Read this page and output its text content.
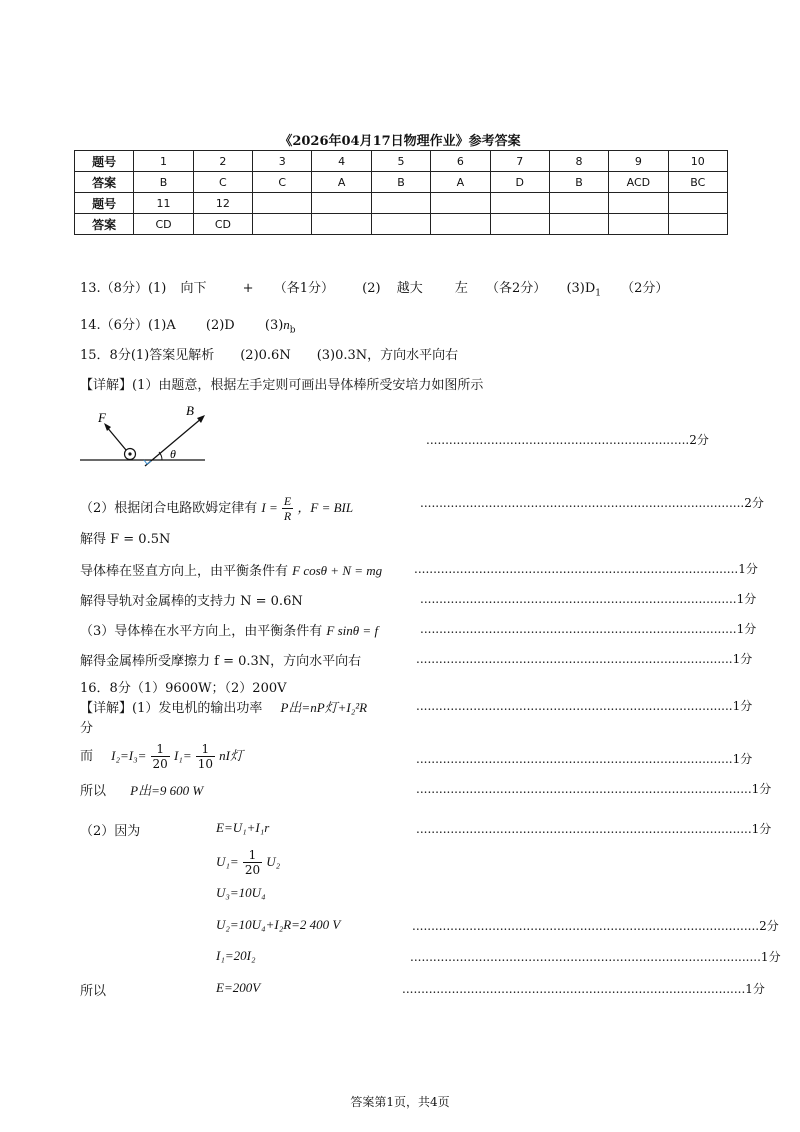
《2026年04月17日物理作业》参考答案
题号	1	2	3	4	5	6	7	8	9	10
答案	B	C	C	A	B	A	D	B	ACD	BC
题号	11	12								
答案	CD	CD								
13.（8分）(1) 向下	+ （各1分） (2) 越大 左 （各2分） $(3)D_1$ （2分）
14.（6分）(1)A (2)D $(3)n_b$
15．8分(1)答案见解析　　(2)0.6N　　(3)0.3N，方向水平向右
【详解】(1）由题意，根据左手定则可画出导体棒所受安培力如图所示
F	B
θ
.....................................................................2分
（2）根据闭合电路欧姆定律有 $I = \frac{E}{R}$ ，F = BIL	.....................................................................................2分
解得 F = 0.5N
导体棒在竖直方向上，由平衡条件有 F cosθ + N = mg	.....................................................................................1分
解得导轨对金属棒的支持力 N = 0.6N	...................................................................................1分
（3）导体棒在水平方向上，由平衡条件有 F sinθ = f	...................................................................................1分
解得金属棒所受摩擦力 f = 0.3N，方向水平向右	...................................................................................1分
16．8分（1）9600W；（2）200V
【详解】(1）发电机的输出功率 P出=nP灯+I₂²R	...................................................................................1分
分
而 $I_2=I_3= \frac{1}{20} I_1= \frac{1}{10}$ nI灯	...................................................................................1分
所以 P出=9 600 W	........................................................................................1分
（2）因为	E=U₁+I₁r	........................................................................................1分
$U_1= \frac{1}{20} U_2$
U₃=10U₄
U₂=10U₄+I₂R=2 400 V	...........................................................................................2分
I₁=20I₂	............................................................................................1分
所以	E=200V	..........................................................................................1分
答案第1页，共4页
